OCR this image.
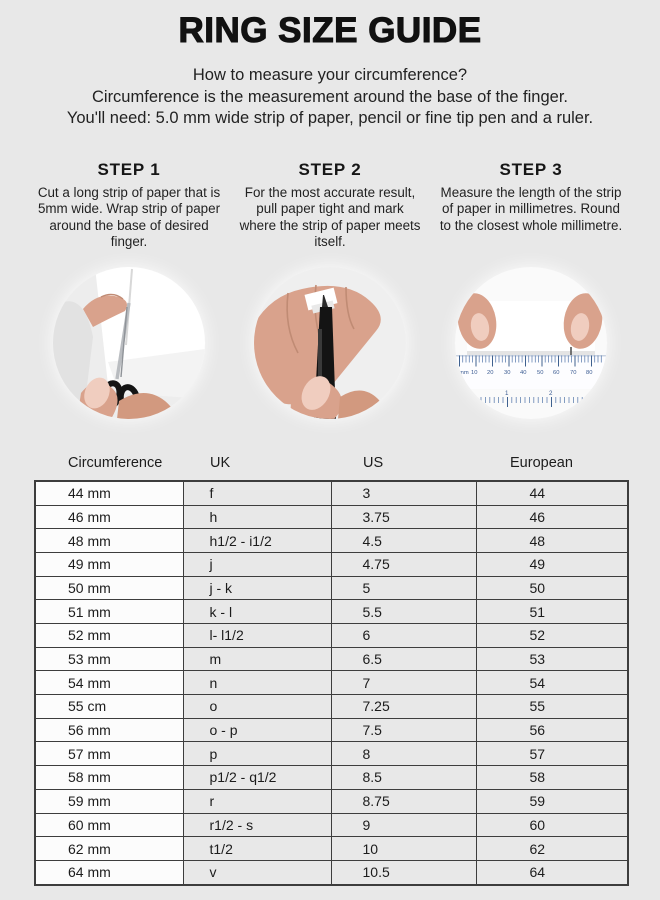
RING SIZE GUIDE
How to measure your circumference?
Circumference is the measurement around the base of the finger.
You'll need: 5.0 mm wide strip of paper, pencil or fine tip pen and a ruler.
STEP 1
Cut a long strip of paper that is 5mm wide. Wrap strip of paper around the base of desired finger.
STEP 2
For the most accurate result, pull paper tight and mark where the strip of paper meets itself.
STEP 3
Measure the length of the strip of paper in millimetres. Round to the closest whole millimetre.
mm 10 20 30 40 50 60 70 80
ins	1	2	3
Circumference	UK	US	European
44 mm	f	3	44
46 mm	h	3.75	46
48 mm	h1/2 - i1/2	4.5	48
49 mm	j	4.75	49
50 mm	j - k	5	50
51 mm	k - l	5.5	51
52 mm	l- l1/2	6	52
53 mm	m	6.5	53
54 mm	n	7	54
55 cm	o	7.25	55
56 mm	o - p	7.5	56
57 mm	p	8	57
58 mm	p1/2 - q1/2	8.5	58
59 mm	r	8.75	59
60 mm	r1/2 - s	9	60
62 mm	t1/2	10	62
64 mm	v	10.5	64
